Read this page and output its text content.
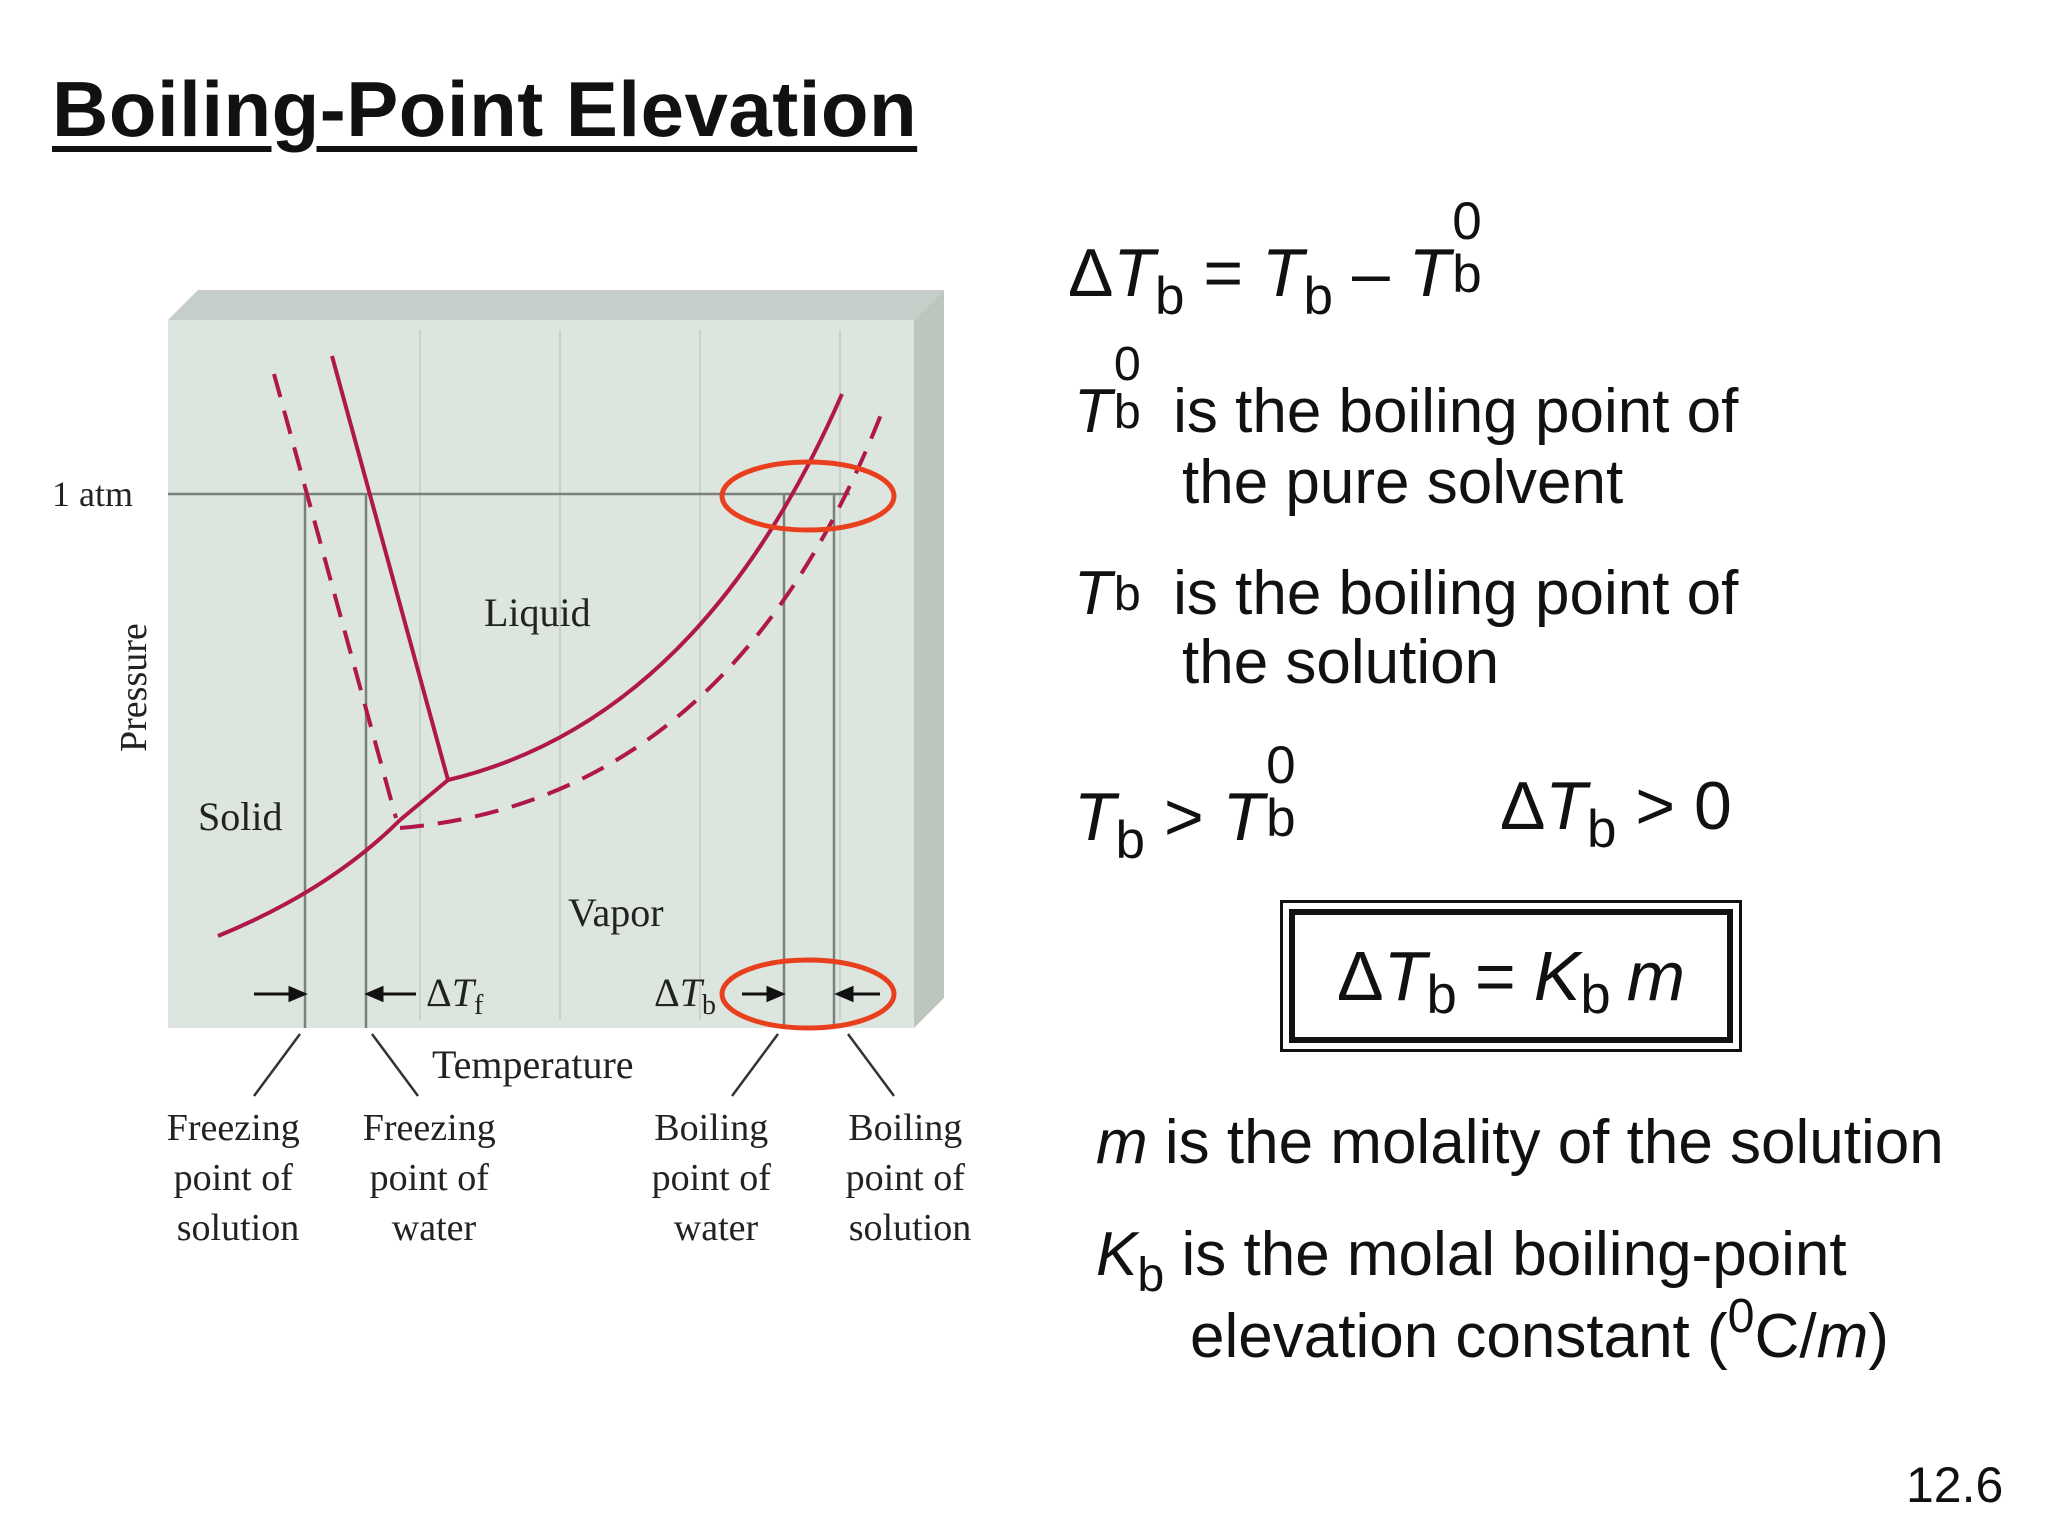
Boiling-Point Elevation
1 atm
Pressure
Liquid
Solid
Vapor
Temperature
$\Delta T_f$	$\Delta T_b$
Freezing point of solution
Freezing point of water
Boiling point of water
Boiling point of solution
$\Delta T_b = T_b - T$
0
b
T
0
b is the boiling point of
the pure solvent
T b is the boiling point of
the solution
$T_b > T$
0
b	$\Delta T_b > 0$
Δ T b = K b m
m is the molality of the solution
$K_b$ is the molal boiling-point
elevation constant ($^0$C/m)
12.6
